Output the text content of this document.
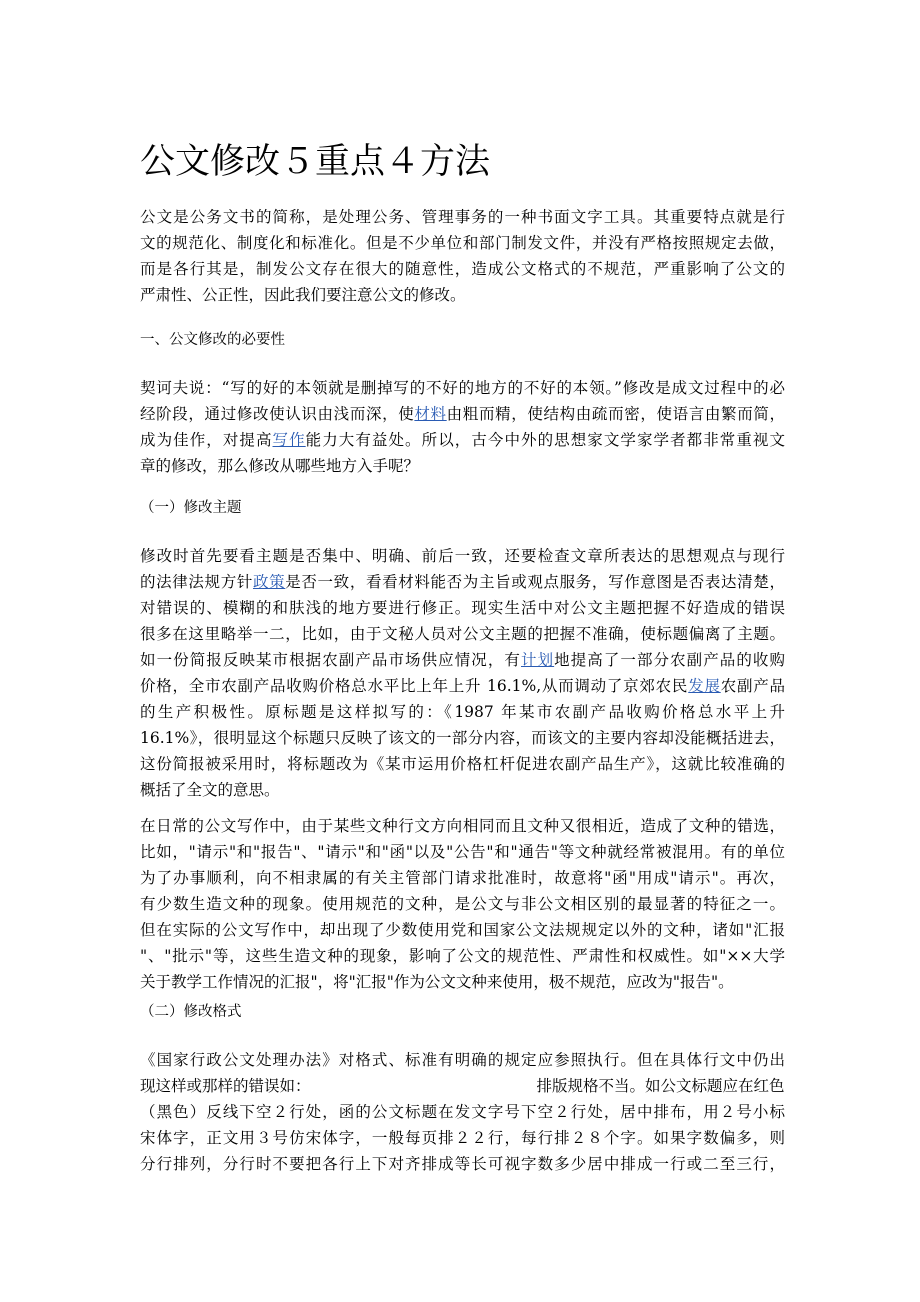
公文修改５重点４方法
公文是公务文书的简称，是处理公务、管理事务的一种书面文字工具。其重要特点就是行
文的规范化、制度化和标准化。但是不少单位和部门制发文件，并没有严格按照规定去做，
而是各行其是，制发公文存在很大的随意性，造成公文格式的不规范，严重影响了公文的
严肃性、公正性，因此我们要注意公文的修改。
一、公文修改的必要性
契诃夫说：“写的好的本领就是删掉写的不好的地方的不好的本领。”修改是成文过程中的必
经阶段，通过修改使认识由浅而深，使材料由粗而精，使结构由疏而密，使语言由繁而简，
成为佳作，对提高写作能力大有益处。所以，古今中外的思想家文学家学者都非常重视文
章的修改，那么修改从哪些地方入手呢？
（一）修改主题
修改时首先要看主题是否集中、明确、前后一致，还要检查文章所表达的思想观点与现行
的法律法规方针政策是否一致，看看材料能否为主旨或观点服务，写作意图是否表达清楚，
对错误的、模糊的和肤浅的地方要进行修正。现实生活中对公文主题把握不好造成的错误
很多在这里略举一二，比如，由于文秘人员对公文主题的把握不准确，使标题偏离了主题。
如一份简报反映某市根据农副产品市场供应情况，有计划地提高了一部分农副产品的收购
价格，全市农副产品收购价格总水平比上年上升 16.1%,从而调动了京郊农民发展农副产品
的生产积极性。原标题是这样拟写的：《1987 年某市农副产品收购价格总水平上升
16.1%》，很明显这个标题只反映了该文的一部分内容，而该文的主要内容却没能概括进去，
这份简报被采用时，将标题改为《某市运用价格杠杆促进农副产品生产》，这就比较准确的
概括了全文的意思。
在日常的公文写作中，由于某些文种行文方向相同而且文种又很相近，造成了文种的错选，
比如，"请示"和"报告"、"请示"和"函"以及"公告"和"通告"等文种就经常被混用。有的单位
为了办事顺利，向不相隶属的有关主管部门请求批准时，故意将"函"用成"请示"。再次，
有少数生造文种的现象。使用规范的文种，是公文与非公文相区别的最显著的特征之一。
但在实际的公文写作中，却出现了少数使用党和国家公文法规规定以外的文种，诸如"汇报
"、"批示"等，这些生造文种的现象，影响了公文的规范性、严肃性和权威性。如"××大学
关于教学工作情况的汇报"，将"汇报"作为公文文种来使用，极不规范，应改为"报告"。
（二）修改格式
《国家行政公文处理办法》对格式、标准有明确的规定应参照执行。但在具体行文中仍出
现这样或那样的错误如：	排版规格不当。如公文标题应在红色
（黑色）反线下空２行处，函的公文标题在发文字号下空２行处，居中排布，用２号小标
宋体字，正文用３号仿宋体字，一般每页排２２行，每行排２８个字。如果字数偏多，则
分行排列，分行时不要把各行上下对齐排成等长可视字数多少居中排成一行或二至三行，
